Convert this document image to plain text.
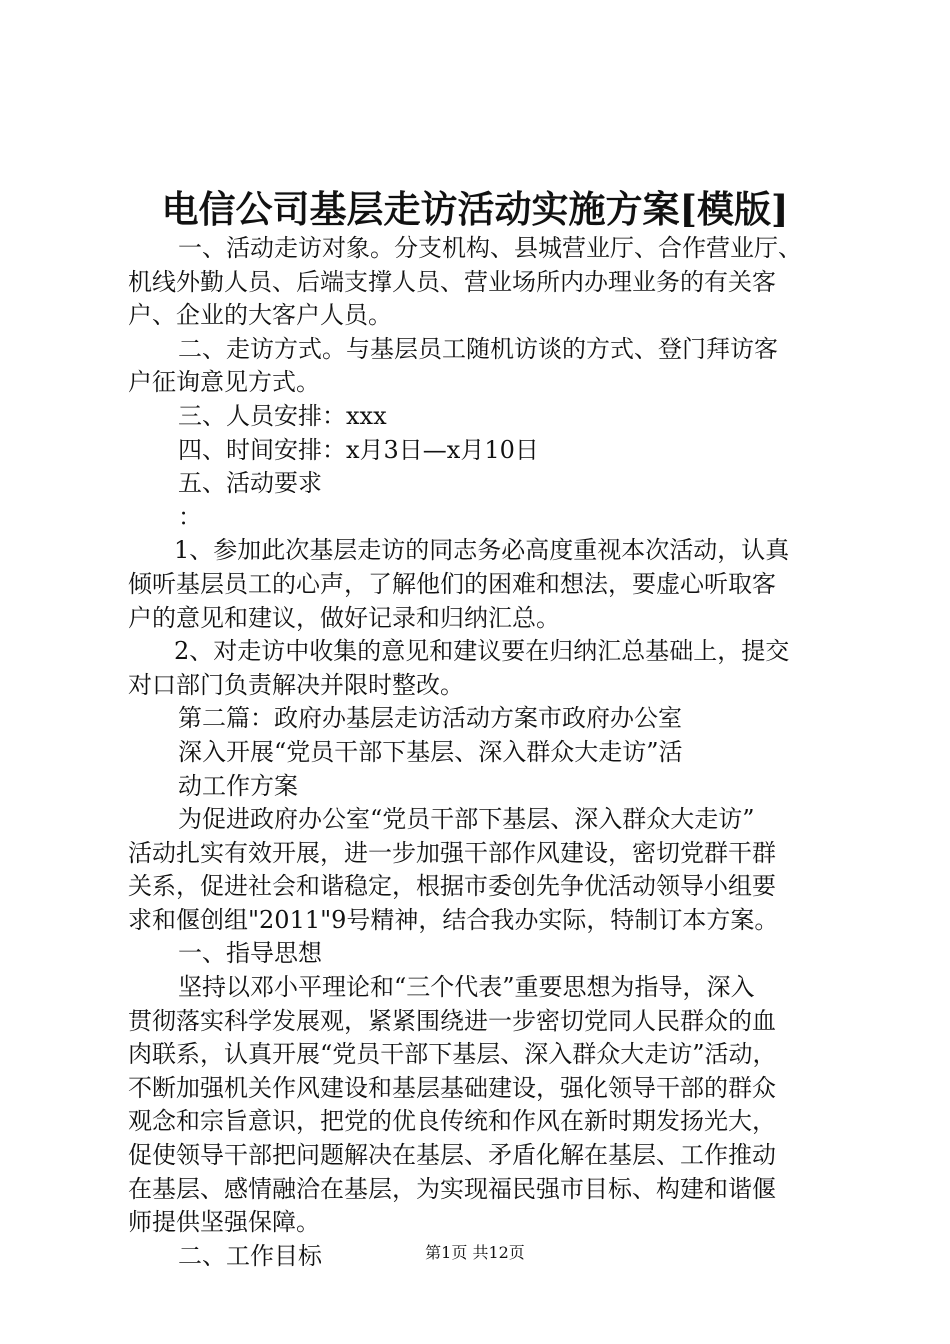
电信公司基层走访活动实施方案[模版]
一、活动走访对象。分支机构、县城营业厅、合作营业厅、
机线外勤人员、后端支撑人员、营业场所内办理业务的有关客
户、企业的大客户人员。
二、走访方式。与基层员工随机访谈的方式、登门拜访客
户征询意见方式。
三、人员安排：xxx
四、时间安排：x月3日—x月10日
五、活动要求
：
1、参加此次基层走访的同志务必高度重视本次活动，认真
倾听基层员工的心声，了解他们的困难和想法，要虚心听取客
户的意见和建议，做好记录和归纳汇总。
2、对走访中收集的意见和建议要在归纳汇总基础上，提交
对口部门负责解决并限时整改。
第二篇：政府办基层走访活动方案市政府办公室
深入开展“党员干部下基层、深入群众大走访”活
动工作方案
为促进政府办公室“党员干部下基层、深入群众大走访”
活动扎实有效开展，进一步加强干部作风建设，密切党群干群
关系，促进社会和谐稳定，根据市委创先争优活动领导小组要
求和偃创组"2011"9号精神，结合我办实际，特制订本方案。
一、指导思想
坚持以邓小平理论和“三个代表”重要思想为指导，深入
贯彻落实科学发展观，紧紧围绕进一步密切党同人民群众的血
肉联系，认真开展“党员干部下基层、深入群众大走访”活动，
不断加强机关作风建设和基层基础建设，强化领导干部的群众
观念和宗旨意识，把党的优良传统和作风在新时期发扬光大，
促使领导干部把问题解决在基层、矛盾化解在基层、工作推动
在基层、感情融洽在基层，为实现福民强市目标、构建和谐偃
师提供坚强保障。
二、工作目标	第1页 共12页
